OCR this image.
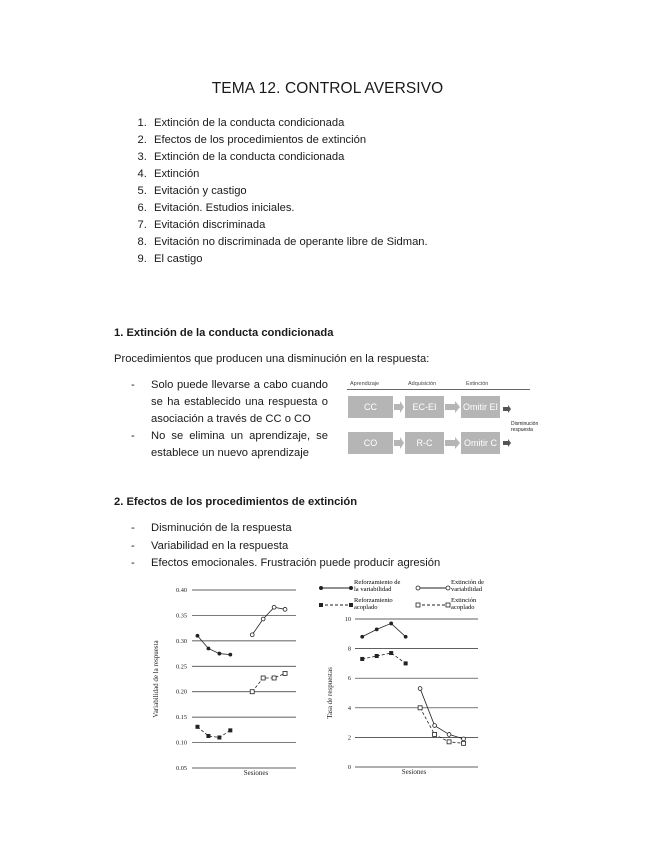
TEMA 12. CONTROL AVERSIVO
1. Extinción de la conducta condicionada
2. Efectos de los procedimientos de extinción
3. Extinción de la conducta condicionada
4. Extinción
5. Evitación y castigo
6. Evitación. Estudios iniciales.
7. Evitación discriminada
8. Evitación no discriminada de operante libre de Sidman.
9. El castigo
1. Extinción de la conducta condicionada

Procedimientos que producen una disminución en la respuesta:

- Solo puede llevarse a cabo cuando se ha establecido una respuesta o asociación a través de CC o CO
- No se elimina un aprendizaje, se establece un nuevo aprendizaje
Aprendizaje	Adquisición	Extinción
CC	EC-EI	Omitir EI
CO	R-C	Omitir C
Disminución respuesta
2. Efectos de los procedimientos de extinción
- Disminución de la respuesta
- Variabilidad en la respuesta
- Efectos emocionales. Frustración puede producir agresión
Reforzamiento de la variabilidad
Extinción de variabilidad
Reforzamiento acoplado
Extinción acoplado
0.05
0.10
0.15
0.20
0.25
0.30
0.35
0.40
Variabilidad de la respuesta
Sesiones
0
2
4
6
8
10
Tasa de respuestas
Sesiones
